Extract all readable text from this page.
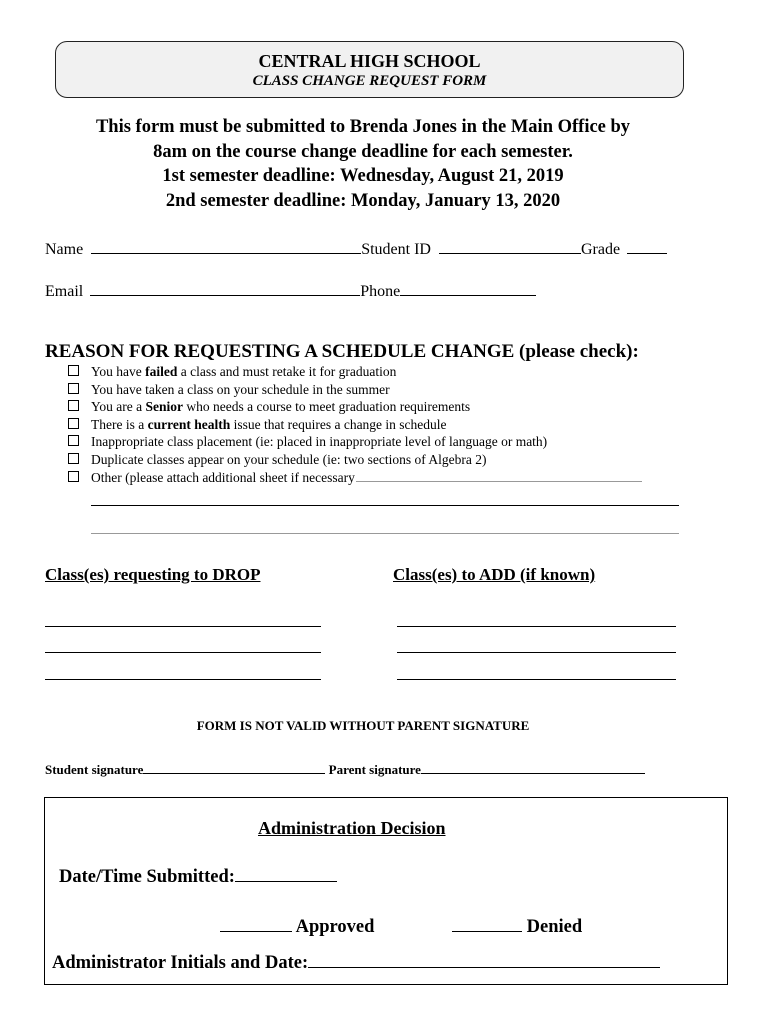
CENTRAL HIGH SCHOOL
CLASS CHANGE REQUEST FORM
This form must be submitted to Brenda Jones in the Main Office by
8am on the course change deadline for each semester.
1st semester deadline: Wednesday, August 21, 2019
2nd semester deadline: Monday, January 13, 2020
Name	Student ID	Grade
Email	Phone
REASON FOR REQUESTING A SCHEDULE CHANGE (please check):
You have failed a class and must retake it for graduation
You have taken a class on your schedule in the summer
You are a Senior who needs a course to meet graduation requirements
There is a current health issue that requires a change in schedule
Inappropriate class placement (ie: placed in inappropriate level of language or math)
Duplicate classes appear on your schedule (ie: two sections of Algebra 2)
Other (please attach additional sheet if necessary
Class(es) requesting to DROP	Class(es) to ADD (if known)
FORM IS NOT VALID WITHOUT PARENT SIGNATURE
Student signature	Parent signature
Administration Decision
Date/Time Submitted:
Approved	Denied
Administrator Initials and Date:
